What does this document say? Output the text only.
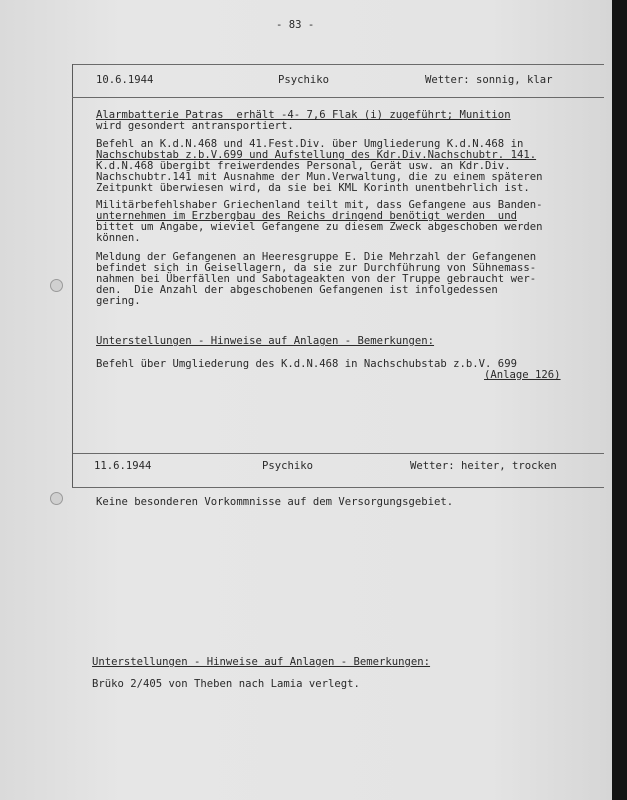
- 83 -
10.6.1944	Psychiko	Wetter: sonnig, klar
Alarmbatterie Patras  erhält -4- 7,6 Flak (i) zugeführt; Munition
wird gesondert antransportiert.
Befehl an K.d.N.468 und 41.Fest.Div. über Umgliederung K.d.N.468 in
Nachschubstab z.b.V.699 und Aufstellung des Kdr.Div.Nachschubtr. 141.
K.d.N.468 übergibt freiwerdendes Personal, Gerät usw. an Kdr.Div.
Nachschubtr.141 mit Ausnahme der Mun.Verwaltung, die zu einem späteren
Zeitpunkt überwiesen wird, da sie bei KML Korinth unentbehrlich ist.
Militärbefehlshaber Griechenland teilt mit, dass Gefangene aus Banden-
unternehmen im Erzbergbau des Reichs dringend benötigt werden  und
bittet um Angabe, wieviel Gefangene zu diesem Zweck abgeschoben werden
können.
Meldung der Gefangenen an Heeresgruppe E. Die Mehrzahl der Gefangenen
befindet sich in Geisellagern, da sie zur Durchführung von Sühnemass-
nahmen bei Überfällen und Sabotageakten von der Truppe gebraucht wer-
den.  Die Anzahl der abgeschobenen Gefangenen ist infolgedessen
gering.
Unterstellungen - Hinweise auf Anlagen - Bemerkungen:
Befehl über Umgliederung des K.d.N.468 in Nachschubstab z.b.V. 699
(Anlage 126)
11.6.1944	Psychiko	Wetter: heiter, trocken
Keine besonderen Vorkommnisse auf dem Versorgungsgebiet.
Unterstellungen - Hinweise auf Anlagen - Bemerkungen:
Brüko 2/405 von Theben nach Lamia verlegt.
